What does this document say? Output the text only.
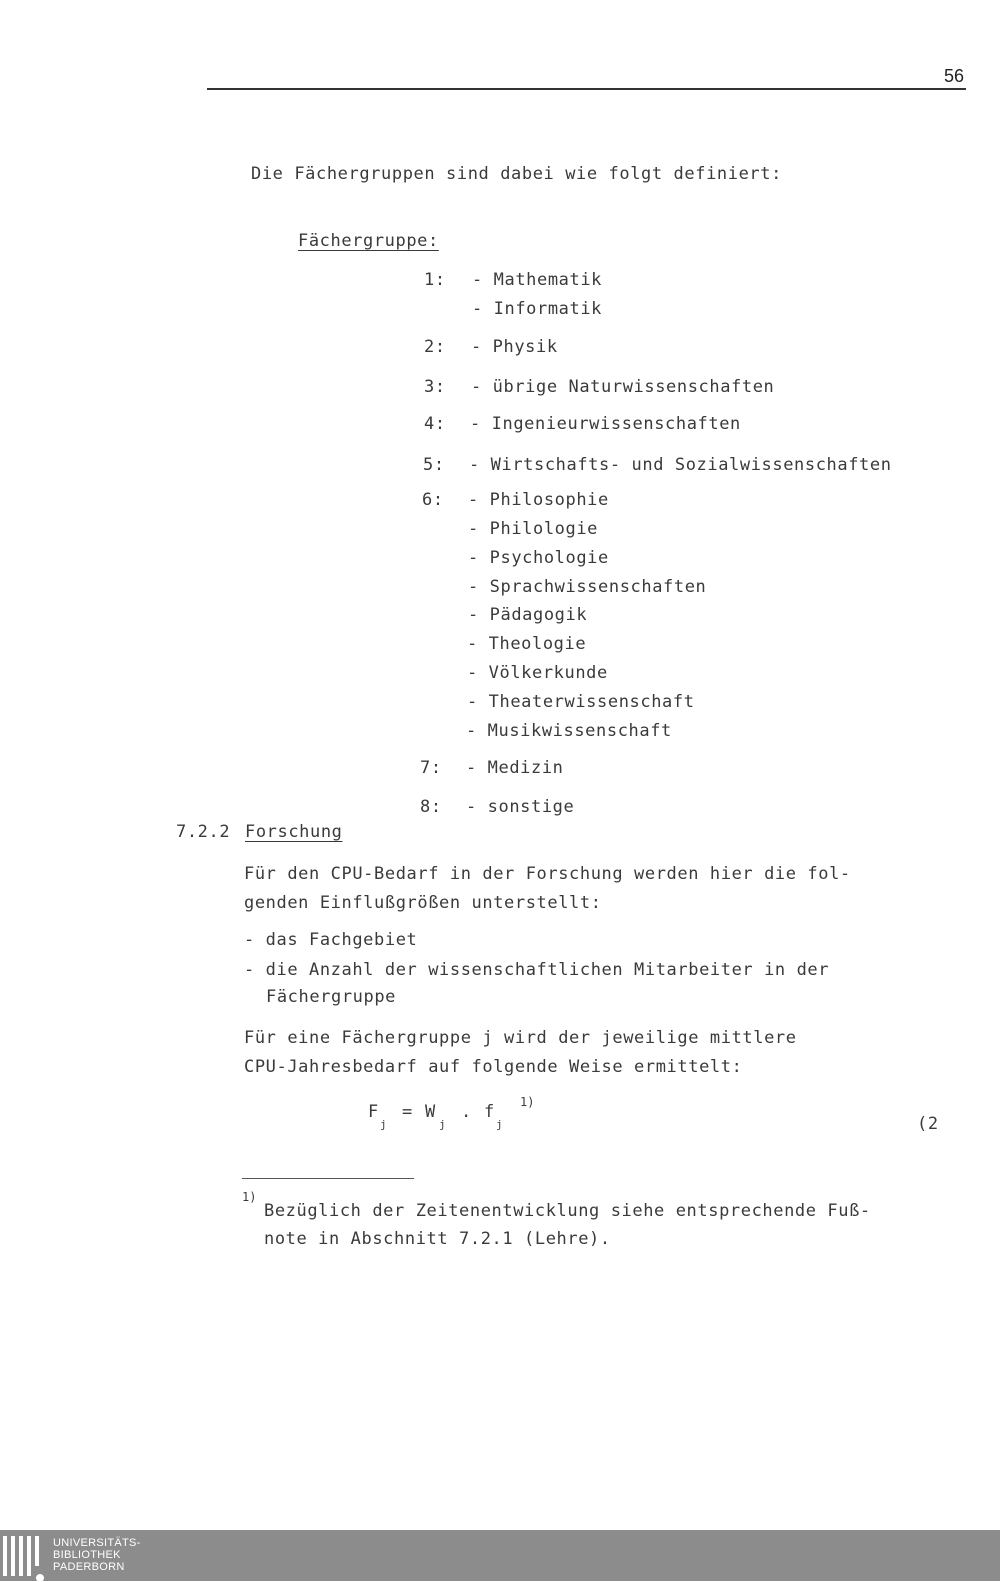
56
Die Fächergruppen sind dabei wie folgt definiert:
Fächergruppe:
1: - Mathematik
- Informatik
2: - Physik
3: - übrige Naturwissenschaften
4: - Ingenieurwissenschaften
5: - Wirtschafts- und Sozialwissenschaften
6: - Philosophie
- Philologie
- Psychologie
- Sprachwissenschaften
- Pädagogik
- Theologie
- Völkerkunde
- Theaterwissenschaft
- Musikwissenschaft
7: - Medizin
8: - sonstige
7.2.2 Forschung
Für den CPU-Bedarf in der Forschung werden hier die fol-
genden Einflußgrößen unterstellt:
- das Fachgebiet
- die Anzahl der wissenschaftlichen Mitarbeiter in der
Fächergruppe
Für eine Fächergruppe j wird der jeweilige mittlere
CPU-Jahresbedarf auf folgende Weise ermittelt:
F
j
= W
j
. f
j
1)
(2
1)
Bezüglich der Zeitenentwicklung siehe entsprechende Fuß-
note in Abschnitt 7.2.1 (Lehre).
UNIVERSITÄTS-
BIBLIOTHEK
PADERBORN
